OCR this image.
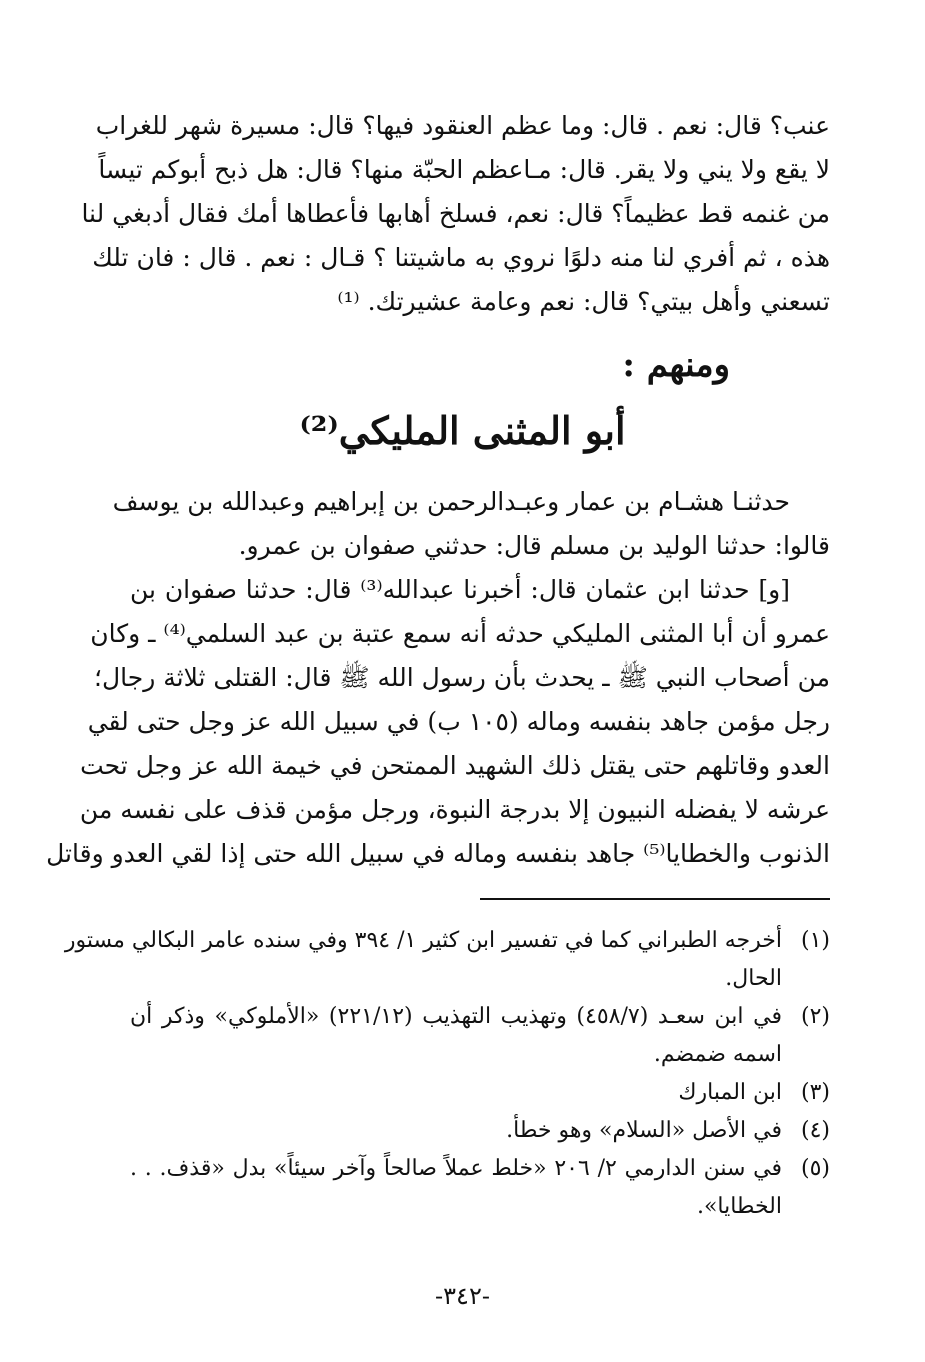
عنب؟ قال: نعم . قال: وما عظم العنقود فيها؟ قال: مسيرة شهر للغراب
لا يقع ولا يني ولا يقر. قال: مـاعظم الحبّة منها؟ قال: هل ذبح أبوكم تيساً
من غنمه قط عظيماً؟ قال: نعم، فسلخ أهابها فأعطاها أمك فقال أدبغي لنا
هذه ، ثم أفري لنا منه دلوًا نروي به ماشيتنا ؟ قـال : نعم . قال : فان تلك
تسعني وأهل بيتي؟ قال: نعم وعامة عشيرتك. ⁽¹⁾
ومنهم :
أبو المثنى المليكي⁽²⁾
حدثنـا هشـام بن عمار وعبـدالرحمن بن إبراهيم وعبدالله بن يوسف
قالوا: حدثنا الوليد بن مسلم قال: حدثني صفوان بن عمرو.
[و] حدثنا ابن عثمان قال: أخبرنا عبدالله⁽³⁾ قال: حدثنا صفوان بن
عمرو أن أبا المثنى المليكي حدثه أنه سمع عتبة بن عبد السلمي⁽⁴⁾ ـ وكان
من أصحاب النبي ﷺ ـ يحدث بأن رسول الله ﷺ قال: القتلى ثلاثة رجال؛
رجل مؤمن جاهد بنفسه وماله (١٠٥ ب) في سبيل الله عز وجل حتى لقي
العدو وقاتلهم حتى يقتل ذلك الشهيد الممتحن في خيمة الله عز وجل تحت
عرشه لا يفضله النبيون إلا بدرجة النبوة، ورجل مؤمن قذف على نفسه من
الذنوب والخطايا⁽⁵⁾ جاهد بنفسه وماله في سبيل الله حتى إذا لقي العدو وقاتل
(١)
أخرجه الطبراني كما في تفسير ابن كثير ١/ ٣٩٤ وفي سنده عامر البكالي مستور
الحال.
(٢)
في ابن سعـد (٤٥٨/٧) وتهذيب التهذيب (٢٢١/١٢) «الأملوكي» وذكر أن
اسمه ضمضم.
(٣)
ابن المبارك
(٤)
في الأصل «السلام» وهو خطأ.
(٥)
في سنن الدارمي ٢/ ٢٠٦ «خلط عملاً صالحاً وآخر سيئاً» بدل «قذف. . .
الخطايا».
-٣٤٢-
